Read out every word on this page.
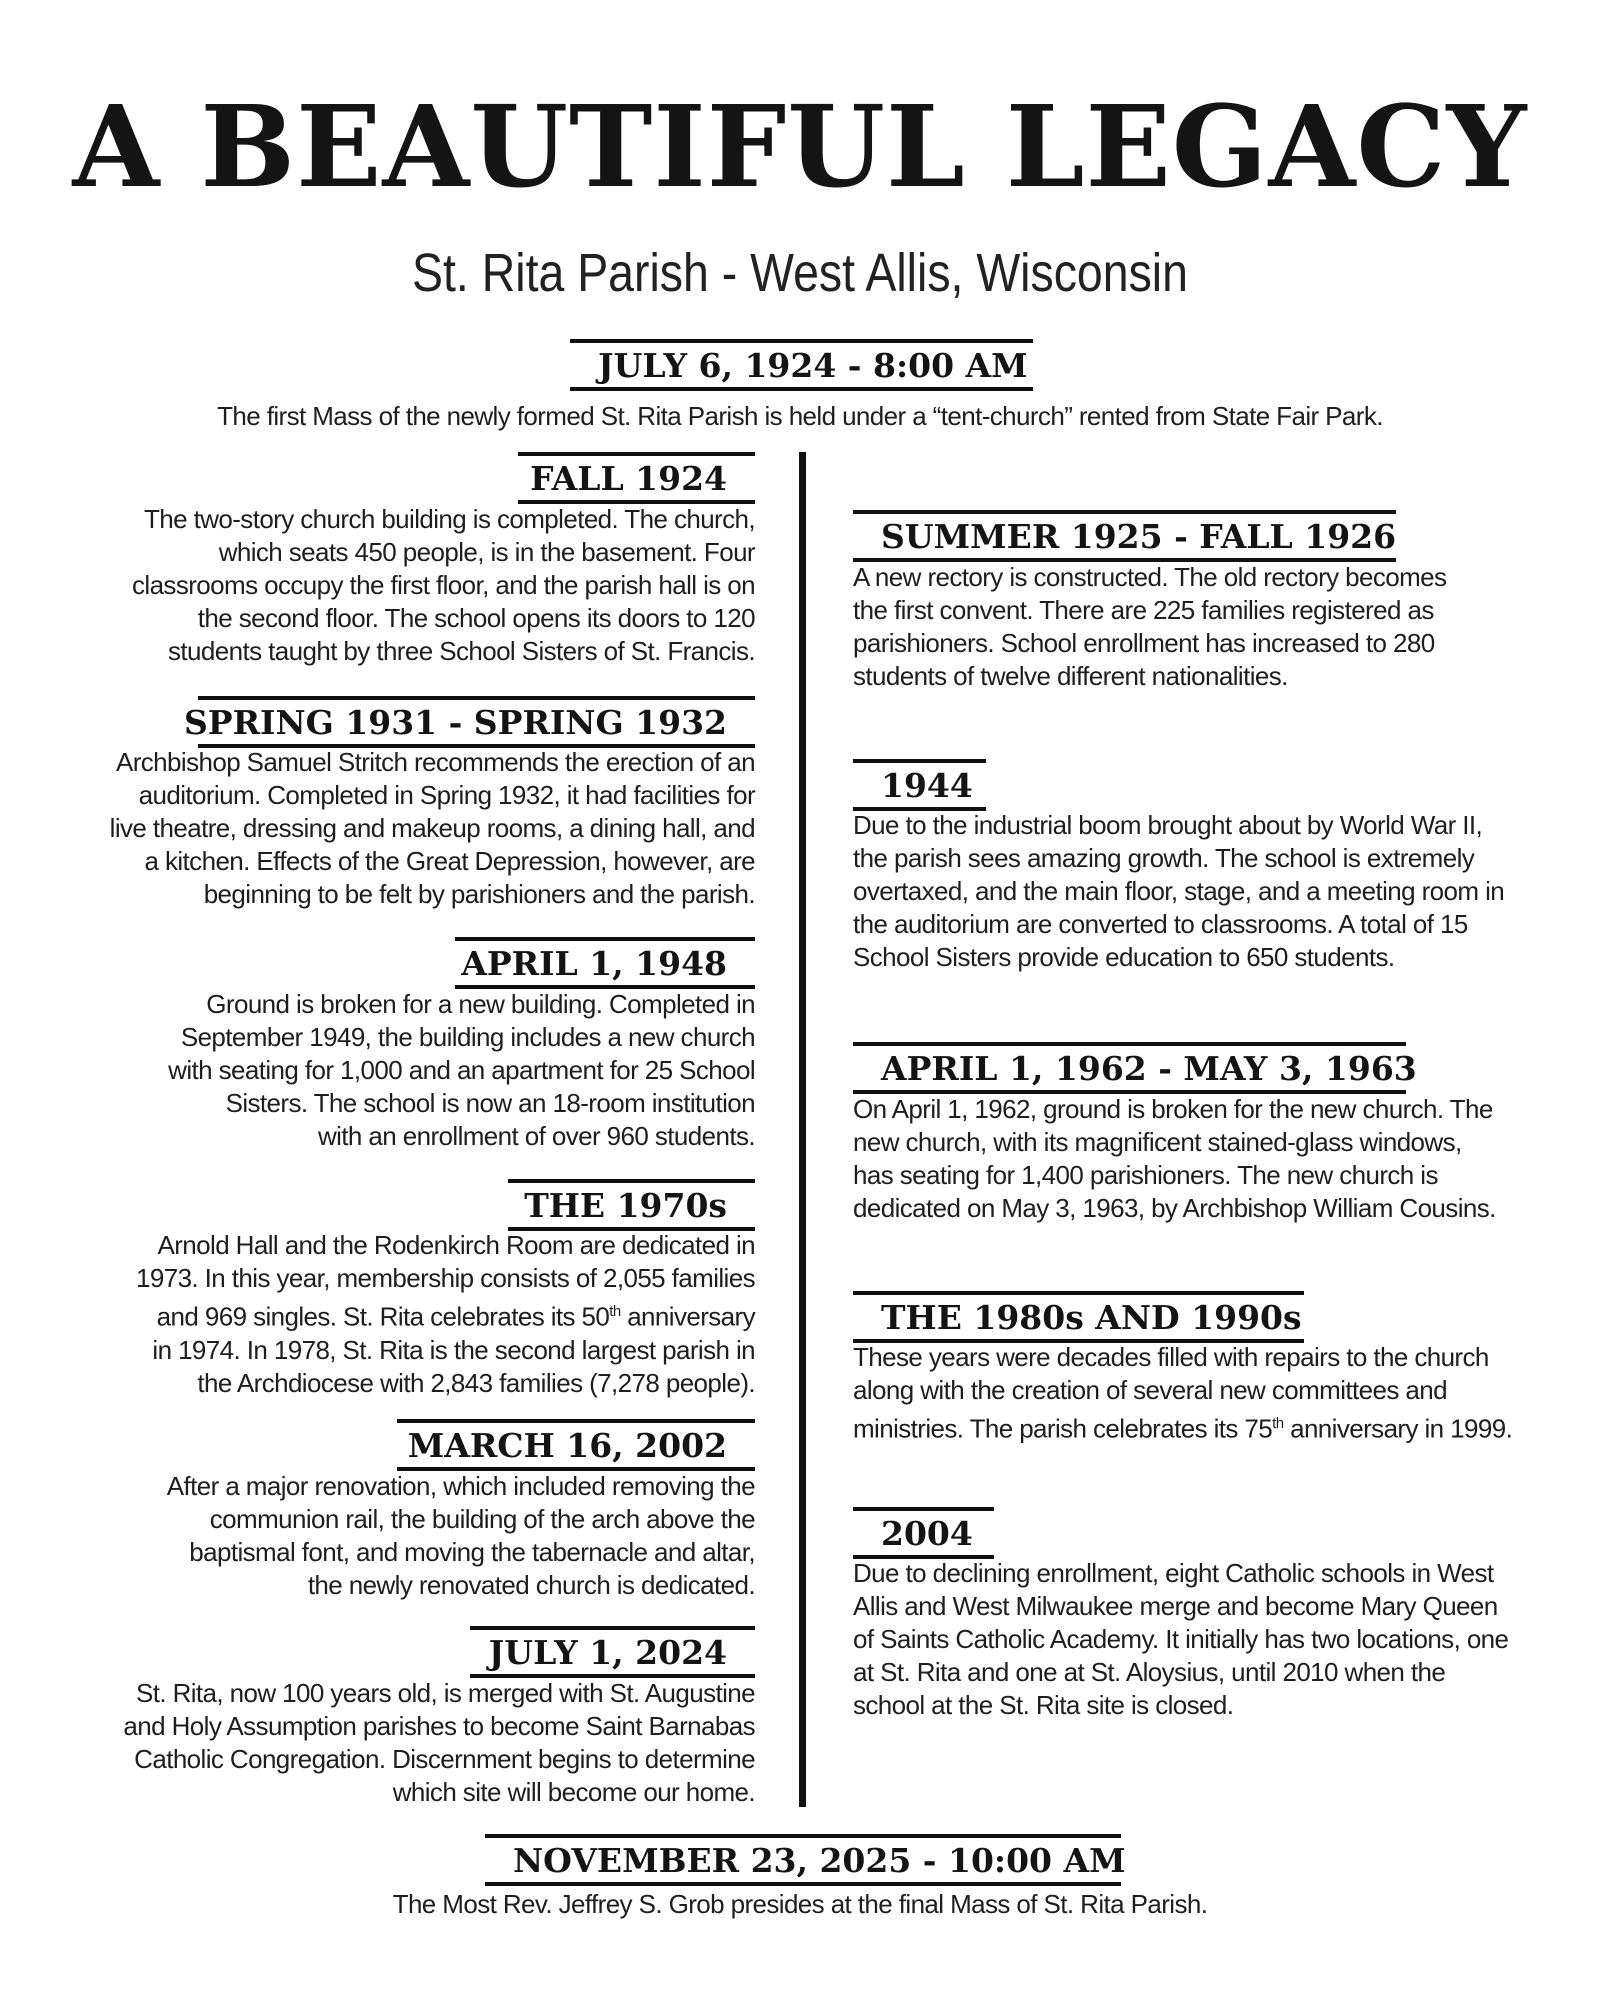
A BEAUTIFUL LEGACY
St. Rita Parish - West Allis, Wisconsin
JULY 6, 1924 - 8:00 AM
The first Mass of the newly formed St. Rita Parish is held under a “tent-church” rented from State Fair Park.
FALL 1924
The two-story church building is completed. The church,
which seats 450 people, is in the basement. Four
classrooms occupy the first floor, and the parish hall is on
the second floor. The school opens its doors to 120
students taught by three School Sisters of St. Francis.
SPRING 1931 - SPRING 1932
Archbishop Samuel Stritch recommends the erection of an
auditorium. Completed in Spring 1932, it had facilities for
live theatre, dressing and makeup rooms, a dining hall, and
a kitchen. Effects of the Great Depression, however, are
beginning to be felt by parishioners and the parish.
APRIL 1, 1948
Ground is broken for a new building. Completed in
September 1949, the building includes a new church
with seating for 1,000 and an apartment for 25 School
Sisters. The school is now an 18-room institution
with an enrollment of over 960 students.
THE 1970s
Arnold Hall and the Rodenkirch Room are dedicated in
1973. In this year, membership consists of 2,055 families
and 969 singles. St. Rita celebrates its 50th anniversary
in 1974. In 1978, St. Rita is the second largest parish in
the Archdiocese with 2,843 families (7,278 people).
MARCH 16, 2002
After a major renovation, which included removing the
communion rail, the building of the arch above the
baptismal font, and moving the tabernacle and altar,
the newly renovated church is dedicated.
JULY 1, 2024
St. Rita, now 100 years old, is merged with St. Augustine
and Holy Assumption parishes to become Saint Barnabas
Catholic Congregation. Discernment begins to determine
which site will become our home.
SUMMER 1925 - FALL 1926
A new rectory is constructed. The old rectory becomes
the first convent. There are 225 families registered as
parishioners. School enrollment has increased to 280
students of twelve different nationalities.
1944
Due to the industrial boom brought about by World War II,
the parish sees amazing growth. The school is extremely
overtaxed, and the main floor, stage, and a meeting room in
the auditorium are converted to classrooms. A total of 15
School Sisters provide education to 650 students.
APRIL 1, 1962 - MAY 3, 1963
On April 1, 1962, ground is broken for the new church. The
new church, with its magnificent stained-glass windows,
has seating for 1,400 parishioners. The new church is
dedicated on May 3, 1963, by Archbishop William Cousins.
THE 1980s AND 1990s
These years were decades filled with repairs to the church
along with the creation of several new committees and
ministries. The parish celebrates its 75th anniversary in 1999.
2004
Due to declining enrollment, eight Catholic schools in West
Allis and West Milwaukee merge and become Mary Queen
of Saints Catholic Academy. It initially has two locations, one
at St. Rita and one at St. Aloysius, until 2010 when the
school at the St. Rita site is closed.
NOVEMBER 23, 2025 - 10:00 AM
The Most Rev. Jeffrey S. Grob presides at the final Mass of St. Rita Parish.
